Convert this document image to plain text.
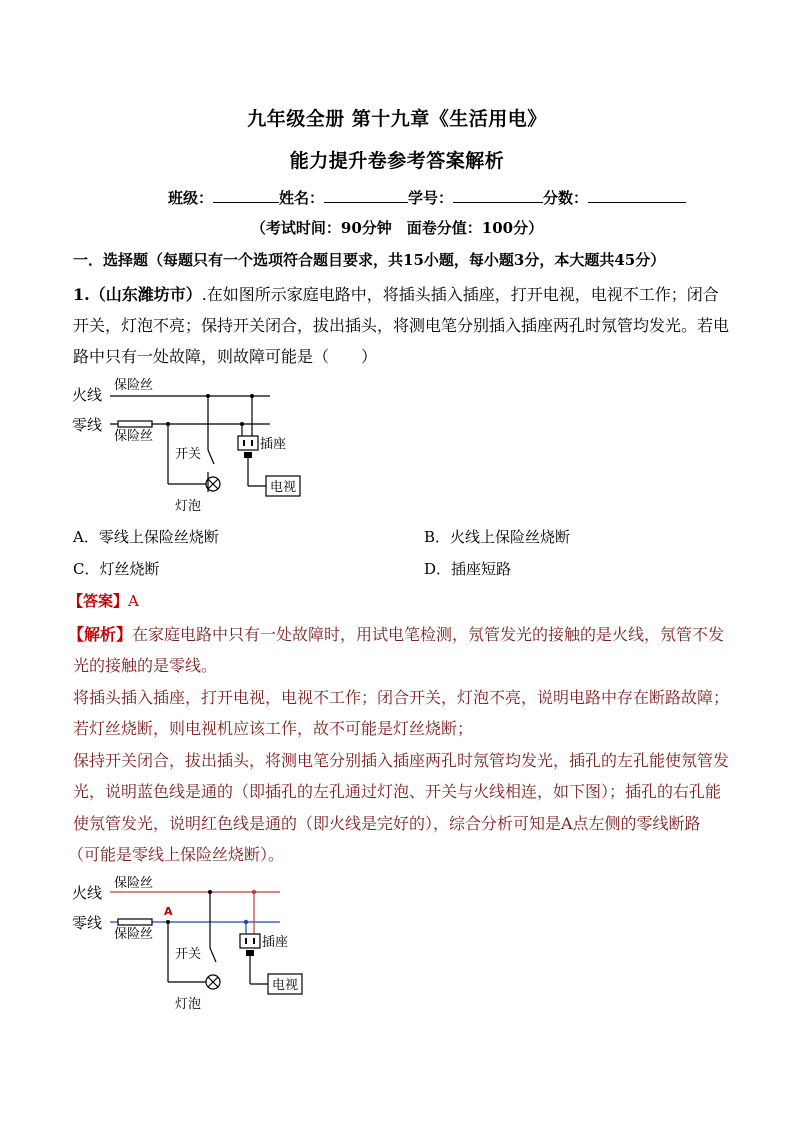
九年级全册 第十九章《生活用电》
能力提升卷参考答案解析
班级：	姓名：	学号：	分数：
（考试时间：90分钟　面卷分值：100分）
一．选择题（每题只有一个选项符合题目要求，共15小题，每小题3分，本大题共45分）
1.（山东潍坊市）.在如图所示家庭电路中，将插头插入插座，打开电视，电视不工作；闭合
开关，灯泡不亮；保持开关闭合，拔出插头，将测电笔分别插入插座两孔时氖管均发光。若电
路中只有一处故障，则故障可能是（　　）
火线
零线
保险丝
保险丝
开关
灯泡
插座
电视
A．零线上保险丝烧断	B．火线上保险丝烧断
C．灯丝烧断	D．插座短路
【答案】A
【解析】在家庭电路中只有一处故障时，用试电笔检测，氖管发光的接触的是火线，氖管不发
光的接触的是零线。
将插头插入插座，打开电视，电视不工作；闭合开关，灯泡不亮，说明电路中存在断路故障；
若灯丝烧断，则电视机应该工作，故不可能是灯丝烧断；
保持开关闭合，拔出插头，将测电笔分别插入插座两孔时氖管均发光，插孔的左孔能使氖管发
光，说明蓝色线是通的（即插孔的左孔通过灯泡、开关与火线相连，如下图）；插孔的右孔能
使氖管发光，说明红色线是通的（即火线是完好的），综合分析可知是A点左侧的零线断路
（可能是零线上保险丝烧断）。
火线
零线
保险丝
保险丝
A
开关
灯泡
插座
电视
